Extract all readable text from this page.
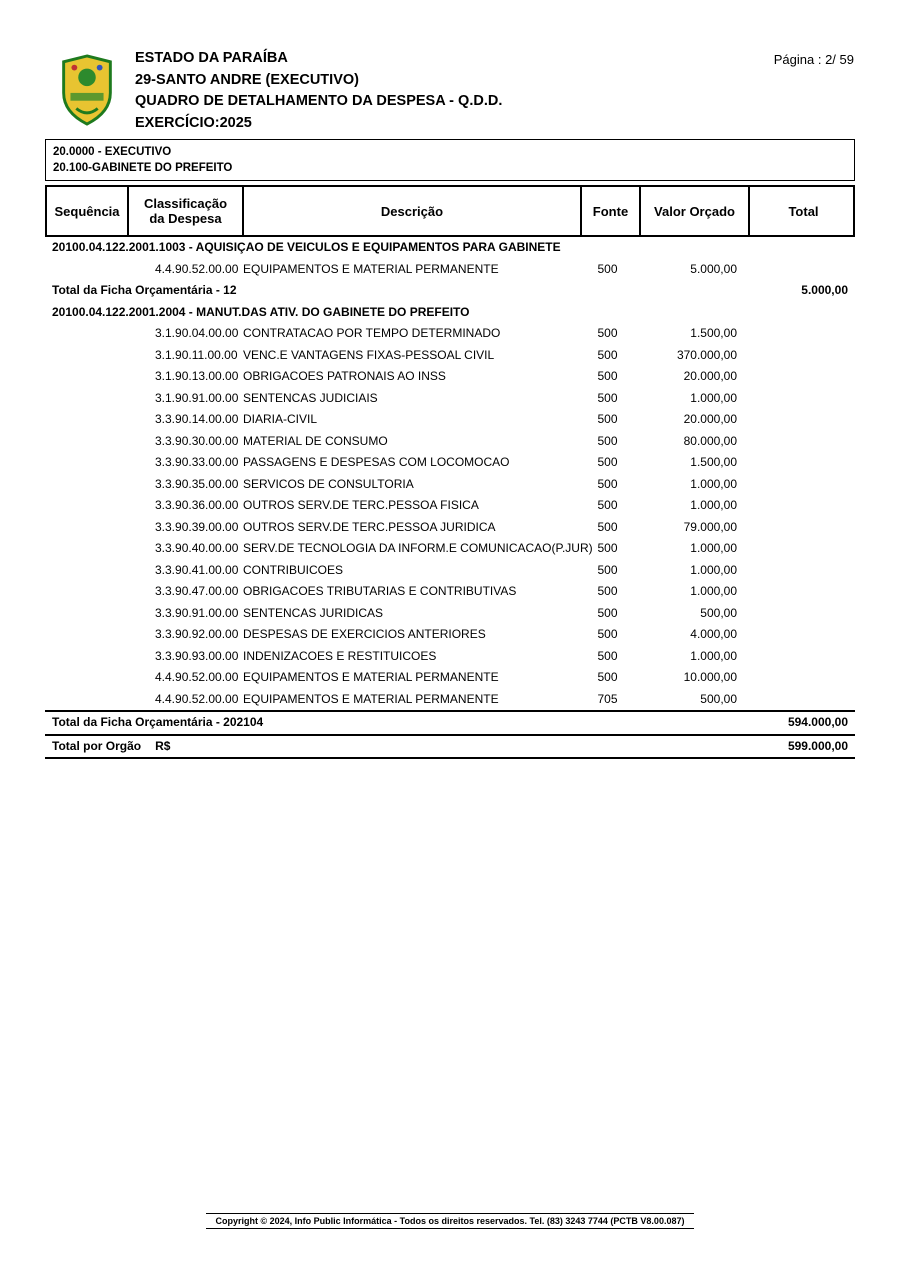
ESTADO DA PARAÍBA
29-SANTO ANDRE (EXECUTIVO)
QUADRO DE DETALHAMENTO DA DESPESA - Q.D.D.
EXERCÍCIO:2025
Página : 2/ 59
20.0000 - EXECUTIVO
20.100-GABINETE DO PREFEITO
Sequência	Classificação
da Despesa	Descrição	Fonte	Valor Orçado	Total
20100.04.122.2001.1003 - AQUISIÇAO DE VEICULOS E EQUIPAMENTOS PARA GABINETE
4.4.90.52.00.00 EQUIPAMENTOS E MATERIAL PERMANENTE	500	5.000,00
Total da Ficha Orçamentária - 12	5.000,00
20100.04.122.2001.2004 - MANUT.DAS ATIV. DO GABINETE DO PREFEITO
3.1.90.04.00.00 CONTRATACAO POR TEMPO DETERMINADO	500	1.500,00
3.1.90.11.00.00 VENC.E VANTAGENS FIXAS-PESSOAL CIVIL	500	370.000,00
3.1.90.13.00.00 OBRIGACOES PATRONAIS AO INSS	500	20.000,00
3.1.90.91.00.00 SENTENCAS JUDICIAIS	500	1.000,00
3.3.90.14.00.00 DIARIA-CIVIL	500	20.000,00
3.3.90.30.00.00 MATERIAL DE CONSUMO	500	80.000,00
3.3.90.33.00.00 PASSAGENS E DESPESAS COM LOCOMOCAO	500	1.500,00
3.3.90.35.00.00 SERVICOS DE CONSULTORIA	500	1.000,00
3.3.90.36.00.00 OUTROS SERV.DE TERC.PESSOA FISICA	500	1.000,00
3.3.90.39.00.00 OUTROS SERV.DE TERC.PESSOA JURIDICA	500	79.000,00
3.3.90.40.00.00 SERV.DE TECNOLOGIA DA INFORM.E COMUNICACAO(P.JUR) 500	1.000,00
3.3.90.41.00.00 CONTRIBUICOES	500	1.000,00
3.3.90.47.00.00 OBRIGACOES TRIBUTARIAS E CONTRIBUTIVAS	500	1.000,00
3.3.90.91.00.00 SENTENCAS JURIDICAS	500	500,00
3.3.90.92.00.00 DESPESAS DE EXERCICIOS ANTERIORES	500	4.000,00
3.3.90.93.00.00 INDENIZACOES E RESTITUICOES	500	1.000,00
4.4.90.52.00.00 EQUIPAMENTOS E MATERIAL PERMANENTE	500	10.000,00
4.4.90.52.00.00 EQUIPAMENTOS E MATERIAL PERMANENTE	705	500,00
Total da Ficha Orçamentária - 202104	594.000,00
Total por Orgão R$	599.000,00
Copyright © 2024, Info Public Informática - Todos os direitos reservados. Tel. (83) 3243 7744 (PCTB V8.00.087)
